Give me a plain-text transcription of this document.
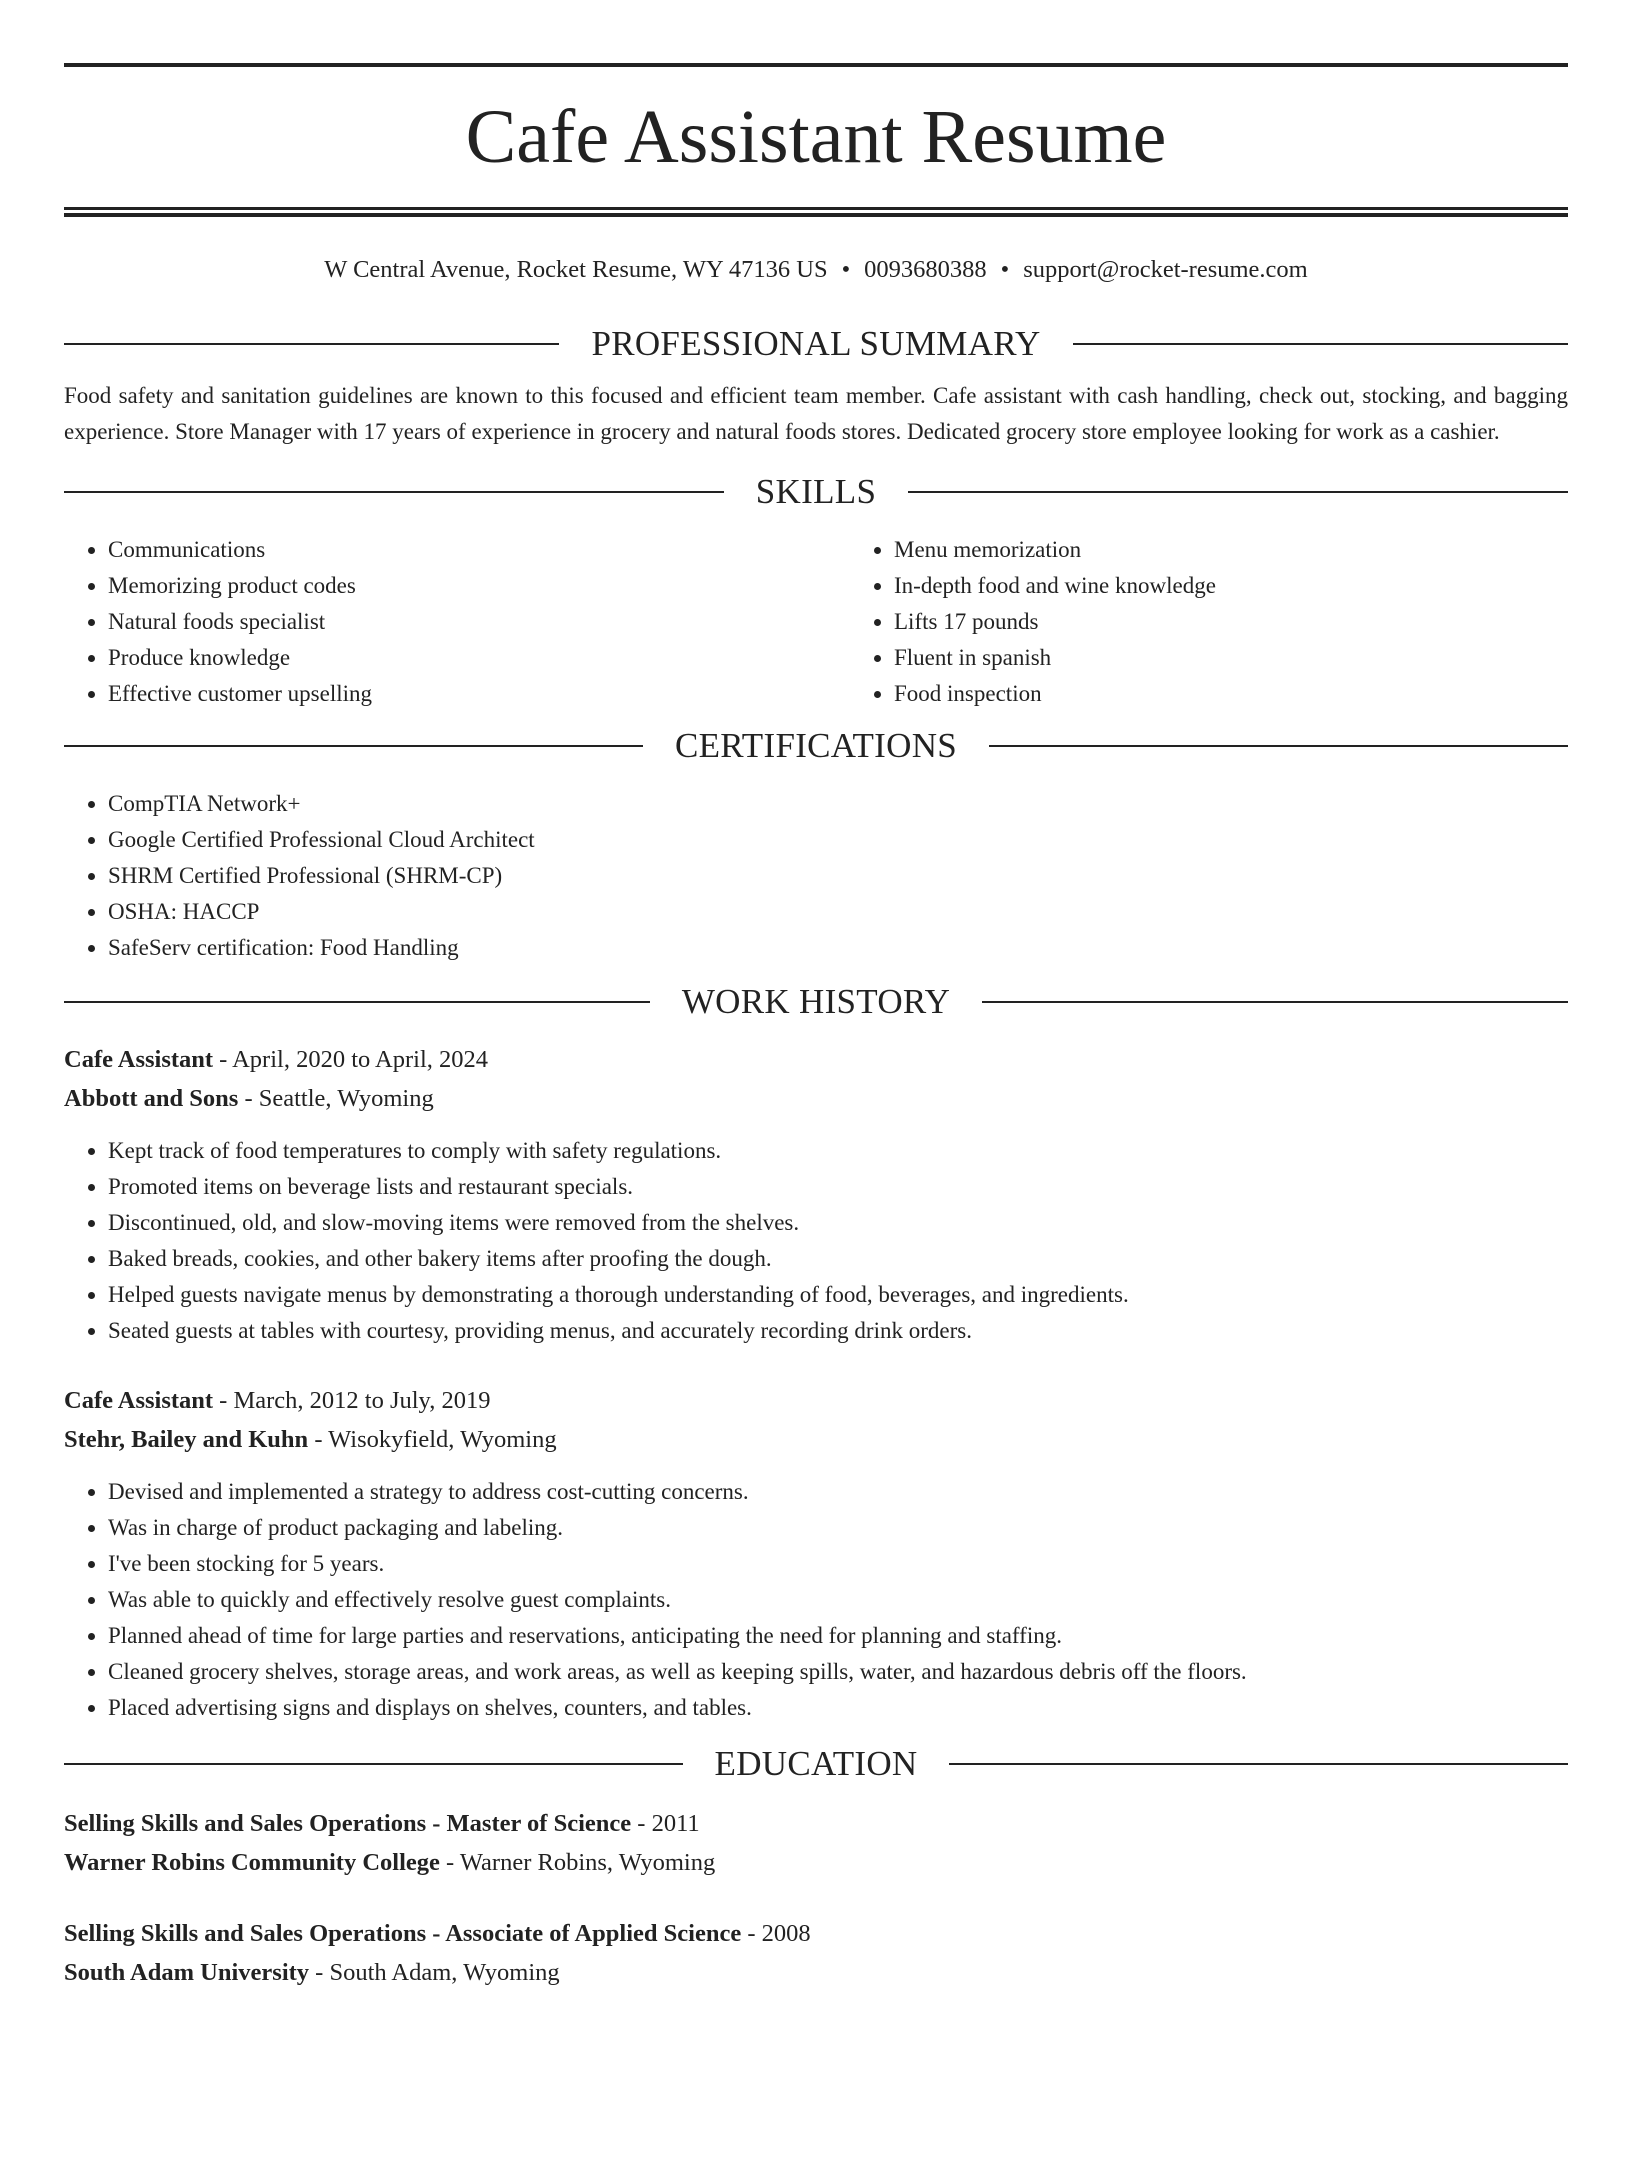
Cafe Assistant Resume
W Central Avenue, Rocket Resume, WY 47136 US • 0093680388 • support@rocket-resume.com
PROFESSIONAL SUMMARY

Food safety and sanitation guidelines are known to this focused and efficient team member. Cafe assistant with cash handling, check out, stocking, and bagging experience. Store Manager with 17 years of experience in grocery and natural foods stores. Dedicated grocery store employee looking for work as a cashier.

SKILLS
• Communications
• Memorizing product codes
• Natural foods specialist
• Produce knowledge
• Effective customer upselling
• Menu memorization
• In-depth food and wine knowledge
• Lifts 17 pounds
• Fluent in spanish
• Food inspection
CERTIFICATIONS
• CompTIA Network+
• Google Certified Professional Cloud Architect
• SHRM Certified Professional (SHRM-CP)
• OSHA: HACCP
• SafeServ certification: Food Handling
WORK HISTORY
Cafe Assistant - April, 2020 to April, 2024
Abbott and Sons - Seattle, Wyoming
• Kept track of food temperatures to comply with safety regulations.
• Promoted items on beverage lists and restaurant specials.
• Discontinued, old, and slow-moving items were removed from the shelves.
• Baked breads, cookies, and other bakery items after proofing the dough.
• Helped guests navigate menus by demonstrating a thorough understanding of food, beverages, and ingredients.
• Seated guests at tables with courtesy, providing menus, and accurately recording drink orders.
Cafe Assistant - March, 2012 to July, 2019
Stehr, Bailey and Kuhn - Wisokyfield, Wyoming
• Devised and implemented a strategy to address cost-cutting concerns.
• Was in charge of product packaging and labeling.
• I've been stocking for 5 years.
• Was able to quickly and effectively resolve guest complaints.
• Planned ahead of time for large parties and reservations, anticipating the need for planning and staffing.
• Cleaned grocery shelves, storage areas, and work areas, as well as keeping spills, water, and hazardous debris off the floors.
• Placed advertising signs and displays on shelves, counters, and tables.
EDUCATION
Selling Skills and Sales Operations - Master of Science - 2011
Warner Robins Community College - Warner Robins, Wyoming
Selling Skills and Sales Operations - Associate of Applied Science - 2008
South Adam University - South Adam, Wyoming
